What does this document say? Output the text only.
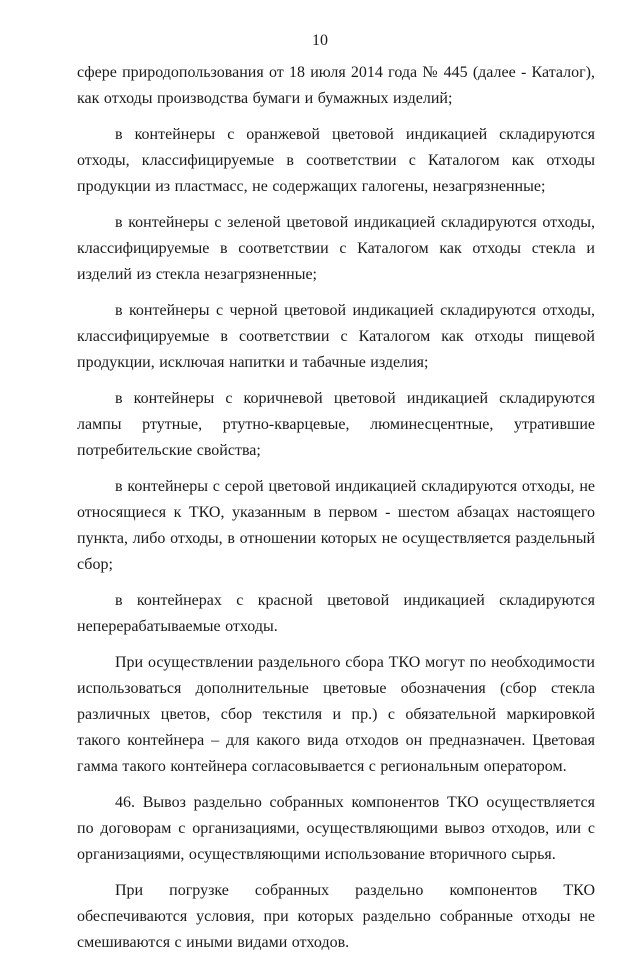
10

сфере природопользования от 18 июля 2014 года № 445 (далее - Каталог), как отходы производства бумаги и бумажных изделий;

в контейнеры с оранжевой цветовой индикацией складируются отходы, классифицируемые в соответствии с Каталогом как отходы продукции из пластмасс, не содержащих галогены, незагрязненные;

в контейнеры с зеленой цветовой индикацией складируются отходы, классифицируемые в соответствии с Каталогом как отходы стекла и изделий из стекла незагрязненные;

в контейнеры с черной цветовой индикацией складируются отходы, классифицируемые в соответствии с Каталогом как отходы пищевой продукции, исключая напитки и табачные изделия;

в контейнеры с коричневой цветовой индикацией складируются лампы ртутные, ртутно-кварцевые, люминесцентные, утратившие потребительские свойства;

в контейнеры с серой цветовой индикацией складируются отходы, не относящиеся к ТКО, указанным в первом - шестом абзацах настоящего пункта, либо отходы, в отношении которых не осуществляется раздельный сбор;

в контейнерах с красной цветовой индикацией складируются неперерабатываемые отходы.

При осуществлении раздельного сбора ТКО могут по необходимости использоваться дополнительные цветовые обозначения (сбор стекла различных цветов, сбор текстиля и пр.) с обязательной маркировкой такого контейнера – для какого вида отходов он предназначен. Цветовая гамма такого контейнера согласовывается с региональным оператором.

46. Вывоз раздельно собранных компонентов ТКО осуществляется по договорам с организациями, осуществляющими вывоз отходов, или с организациями, осуществляющими использование вторичного сырья.

При погрузке собранных раздельно компонентов ТКО обеспечиваются условия, при которых раздельно собранные отходы не смешиваются с иными видами отходов.
